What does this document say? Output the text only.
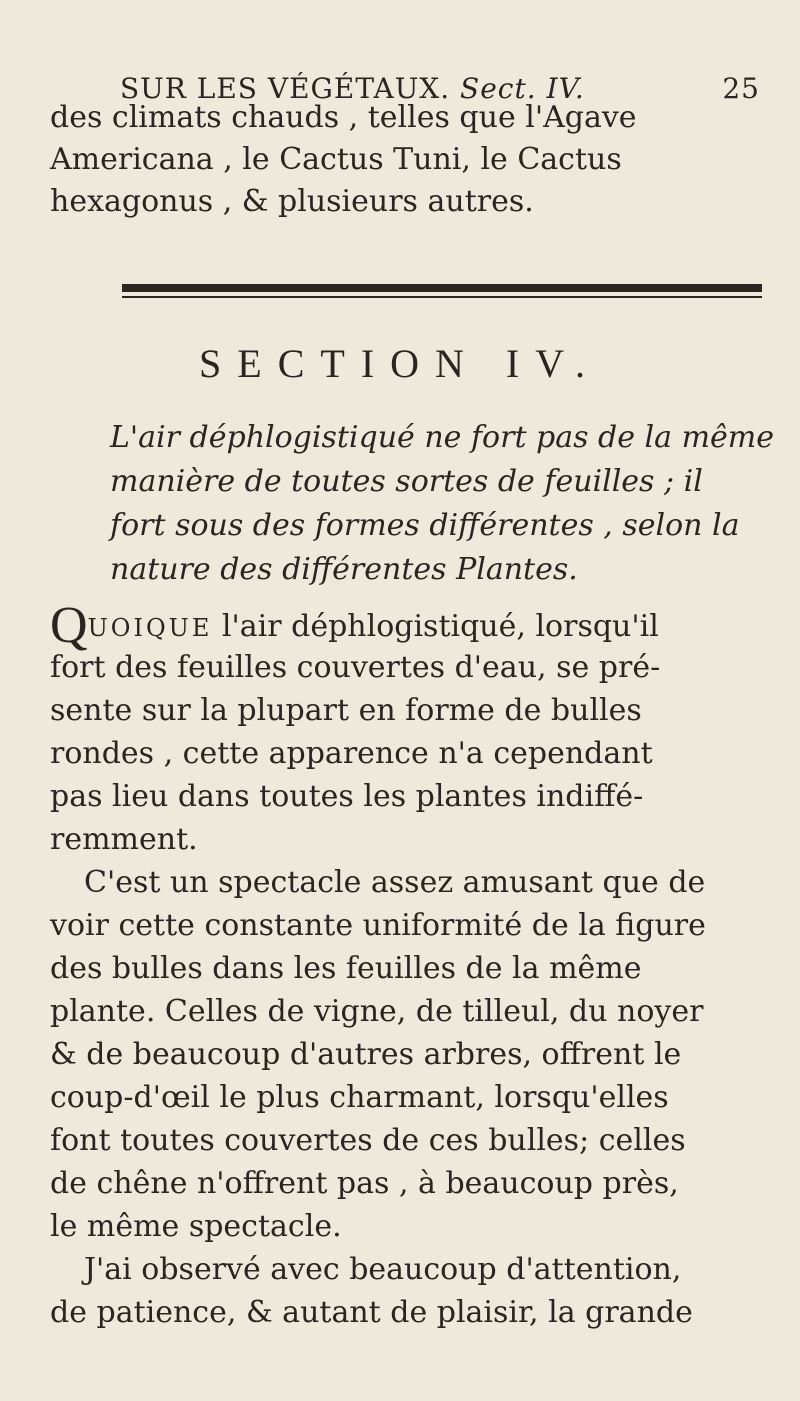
SUR LES VÉGÉTAUX. Sect. IV.	25
des climats chauds , telles que l'Agave
Americana , le Cactus Tuni, le Cactus
hexagonus , & plusieurs autres.
SECTION IV.
L'air déphlogistiqué ne fort pas de la même
manière de toutes sortes de feuilles ; il
fort sous des formes différentes , selon la
nature des différentes Plantes.
QUOIQUE l'air déphlogistiqué, lorsqu'il
fort des feuilles couvertes d'eau, se pré-
sente sur la plupart en forme de bulles
rondes , cette apparence n'a cependant
pas lieu dans toutes les plantes indiffé-
remment.
C'est un spectacle assez amusant que de
voir cette constante uniformité de la figure
des bulles dans les feuilles de la même
plante. Celles de vigne, de tilleul, du noyer
& de beaucoup d'autres arbres, offrent le
coup-d'œil le plus charmant, lorsqu'elles
font toutes couvertes de ces bulles; celles
de chêne n'offrent pas , à beaucoup près,
le même spectacle.
J'ai observé avec beaucoup d'attention,
de patience, & autant de plaisir, la grande
